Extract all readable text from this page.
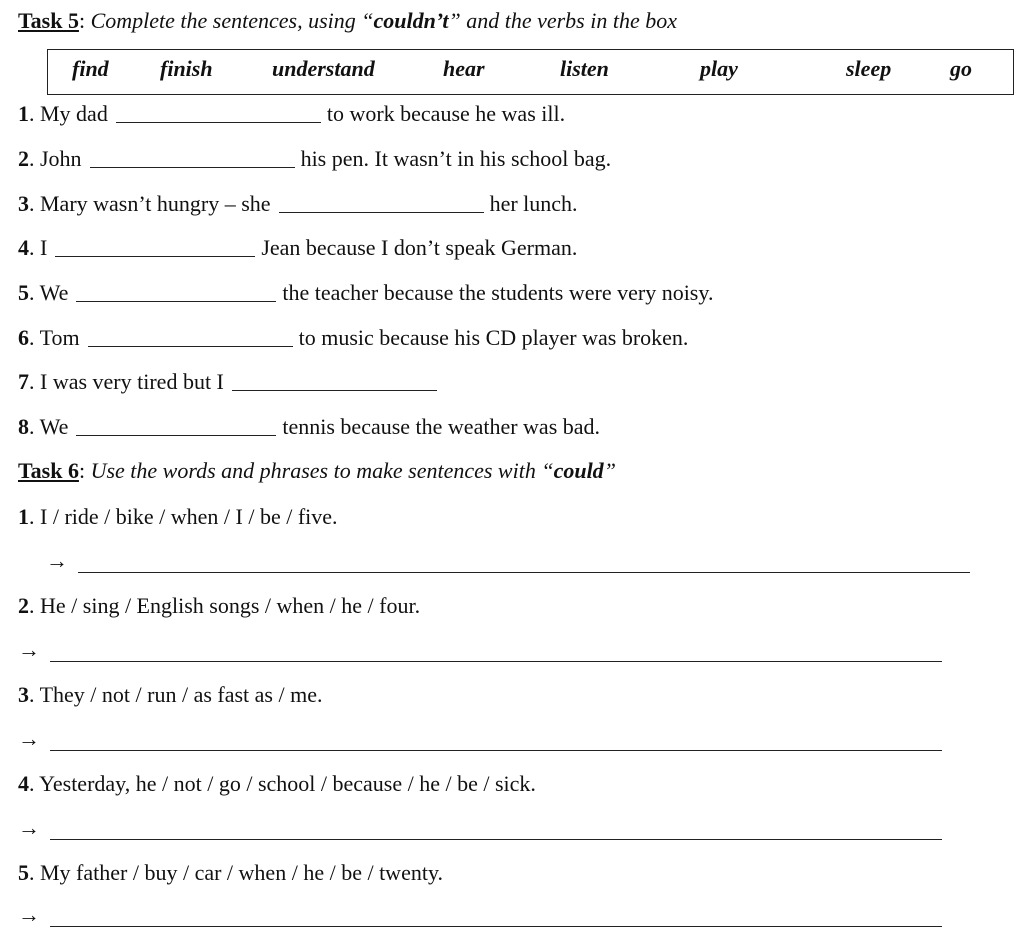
Task 5: Complete the sentences, using “couldn’t” and the verbs in the box
find finish	understand	hear	listen	play	sleep	go
1 . My dad	to work because he was ill.
2 . John	his pen. It wasn’t in his school bag.
3 . Mary wasn’t hungry – she	her lunch.
4 . I	Jean because I don’t speak German.
5 . We	the teacher because the students were very noisy.
6 . Tom	to music because his CD player was broken.
7 . I was very tired but I
8 . We	tennis because the weather was bad.
Task 6: Use the words and phrases to make sentences with “could”
1 . I / ride / bike / when / I / be / five.
→
2 . He / sing / English songs / when / he / four.
→
3 . They / not / run / as fast as / me.
→
4 . Yesterday, he / not / go / school / because / he / be / sick.
→
5 . My father / buy / car / when / he / be / twenty.
→
